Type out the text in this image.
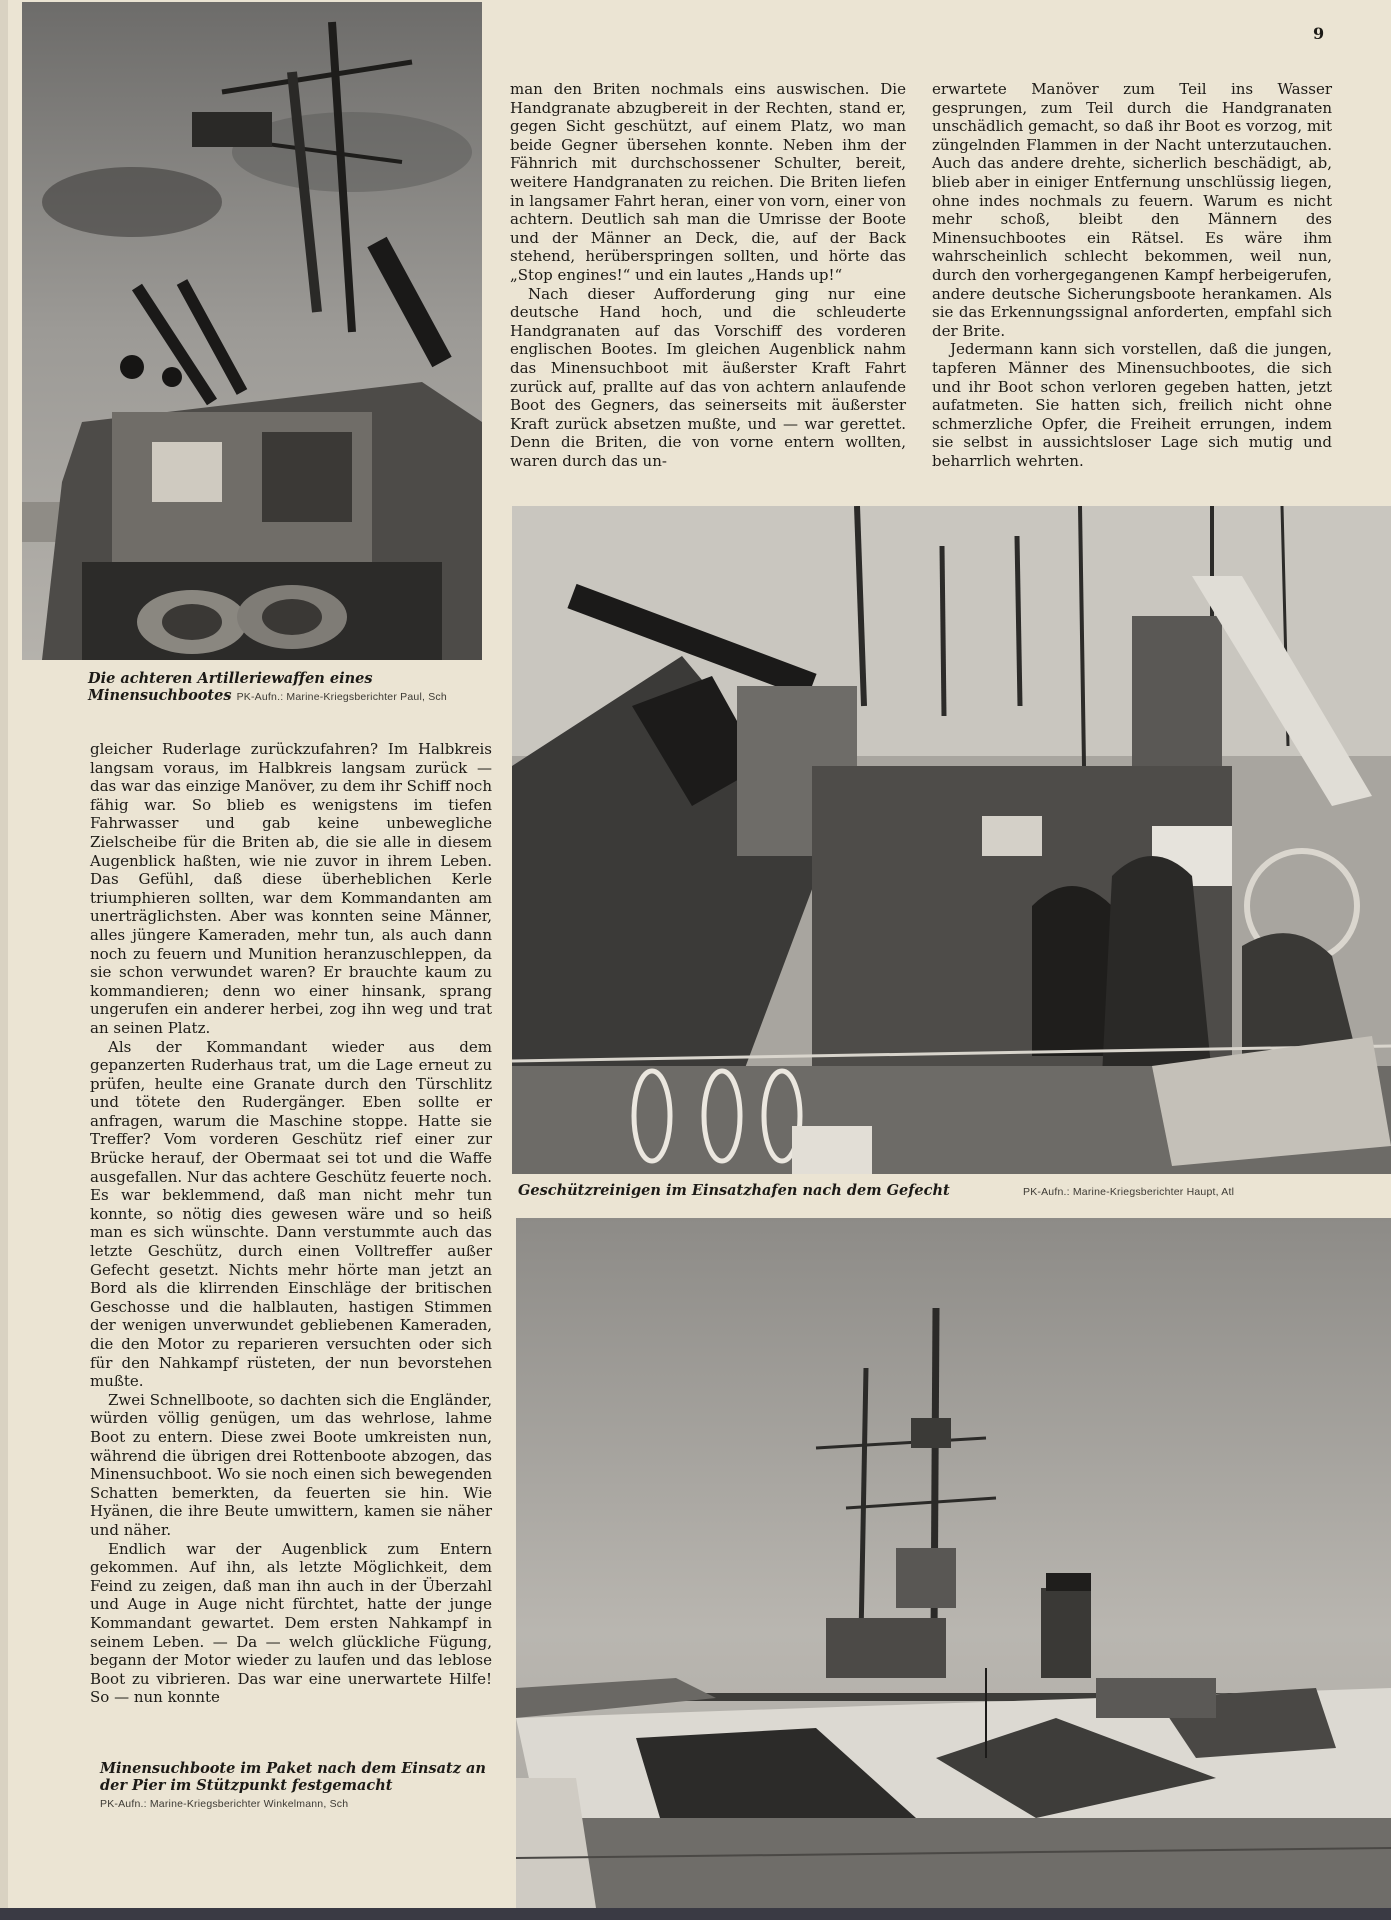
9
Die achteren Artilleriewaffen eines Minensuchbootes PK-Aufn.: Marine-Kriegsberichter Paul, Sch

man den Briten nochmals eins auswischen. Die Handgranate abzugbereit in der Rechten, stand er, gegen Sicht geschützt, auf einem Platz, wo man beide Gegner übersehen konnte. Neben ihm der Fähnrich mit durchschossener Schulter, bereit, weitere Handgranaten zu reichen. Die Briten liefen in langsamer Fahrt heran, einer von vorn, einer von achtern. Deutlich sah man die Umrisse der Boote und der Männer an Deck, die, auf der Back stehend, herüberspringen sollten, und hörte das „Stop engines!“ und ein lautes „Hands up!“

Nach dieser Aufforderung ging nur eine deutsche Hand hoch, und die schleuderte Handgranaten auf das Vorschiff des vorderen englischen Bootes. Im gleichen Augenblick nahm das Minensuchboot mit äußerster Kraft Fahrt zurück auf, prallte auf das von achtern anlaufende Boot des Gegners, das seinerseits mit äußerster Kraft zurück absetzen mußte, und — war gerettet. Denn die Briten, die von vorne entern wollten, waren durch das un-

erwartete Manöver zum Teil ins Wasser gesprungen, zum Teil durch die Handgranaten unschädlich gemacht, so daß ihr Boot es vorzog, mit züngelnden Flammen in der Nacht unterzutauchen. Auch das andere drehte, sicherlich beschädigt, ab, blieb aber in einiger Entfernung unschlüssig liegen, ohne indes nochmals zu feuern. Warum es nicht mehr schoß, bleibt den Männern des Minensuchbootes ein Rätsel. Es wäre ihm wahrscheinlich schlecht bekommen, weil nun, durch den vorhergegangenen Kampf herbeigerufen, andere deutsche Sicherungsboote herankamen. Als sie das Erkennungssignal anforderten, empfahl sich der Brite.

Jedermann kann sich vorstellen, daß die jungen, tapferen Männer des Minensuchbootes, die sich und ihr Boot schon verloren gegeben hatten, jetzt aufatmeten. Sie hatten sich, freilich nicht ohne schmerzliche Opfer, die Freiheit errungen, indem sie selbst in aussichtsloser Lage sich mutig und beharrlich wehrten.

Geschützreinigen im Einsatzhafen nach dem Gefecht	PK-Aufn.: Marine-Kriegsberichter Haupt, Atl

gleicher Ruderlage zurückzufahren? Im Halbkreis langsam voraus, im Halbkreis langsam zurück — das war das einzige Manöver, zu dem ihr Schiff noch fähig war. So blieb es wenigstens im tiefen Fahrwasser und gab keine unbewegliche Zielscheibe für die Briten ab, die sie alle in diesem Augenblick haßten, wie nie zuvor in ihrem Leben. Das Gefühl, daß diese überheblichen Kerle triumphieren sollten, war dem Kommandanten am unerträglichsten. Aber was konnten seine Männer, alles jüngere Kameraden, mehr tun, als auch dann noch zu feuern und Munition heranzuschleppen, da sie schon verwundet waren? Er brauchte kaum zu kommandieren; denn wo einer hinsank, sprang ungerufen ein anderer herbei, zog ihn weg und trat an seinen Platz.

Als der Kommandant wieder aus dem gepanzerten Ruderhaus trat, um die Lage erneut zu prüfen, heulte eine Granate durch den Türschlitz und tötete den Rudergänger. Eben sollte er anfragen, warum die Maschine stoppe. Hatte sie Treffer? Vom vorderen Geschütz rief einer zur Brücke herauf, der Obermaat sei tot und die Waffe ausgefallen. Nur das achtere Geschütz feuerte noch. Es war beklemmend, daß man nicht mehr tun konnte, so nötig dies gewesen wäre und so heiß man es sich wünschte. Dann verstummte auch das letzte Geschütz, durch einen Volltreffer außer Gefecht gesetzt. Nichts mehr hörte man jetzt an Bord als die klirrenden Einschläge der britischen Geschosse und die halblauten, hastigen Stimmen der wenigen unverwundet gebliebenen Kameraden, die den Motor zu reparieren versuchten oder sich für den Nahkampf rüsteten, der nun bevorstehen mußte.

Zwei Schnellboote, so dachten sich die Engländer, würden völlig genügen, um das wehrlose, lahme Boot zu entern. Diese zwei Boote umkreisten nun, während die übrigen drei Rottenboote abzogen, das Minensuchboot. Wo sie noch einen sich bewegenden Schatten bemerkten, da feuerten sie hin. Wie Hyänen, die ihre Beute umwittern, kamen sie näher und näher.

Endlich war der Augenblick zum Entern gekommen. Auf ihn, als letzte Möglichkeit, dem Feind zu zeigen, daß man ihn auch in der Überzahl und Auge in Auge nicht fürchtet, hatte der junge Kommandant gewartet. Dem ersten Nahkampf in seinem Leben. — Da — welch glückliche Fügung, begann der Motor wieder zu laufen und das leblose Boot zu vibrieren. Das war eine unerwartete Hilfe! So — nun konnte

Minensuchboote im Paket nach dem Einsatz an der Pier im Stützpunkt festgemacht
PK-Aufn.: Marine-Kriegsberichter Winkelmann, Sch
